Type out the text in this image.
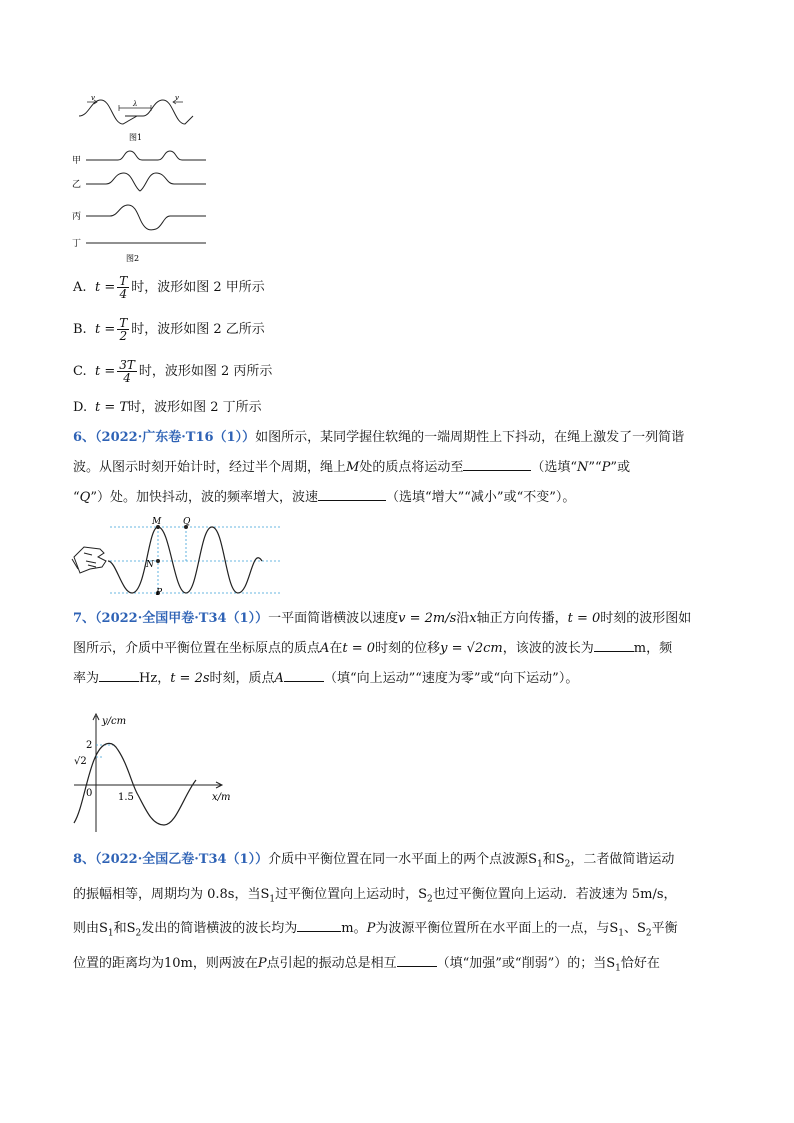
v
λ
v
图1
甲
乙
丙
丁
图2
A. $t = \frac{T}{4}$ 时，波形如图 2 甲所示
B. $t = \frac{T}{2}$ 时，波形如图 2 乙所示
C. $t = \frac{3T}{4}$ 时，波形如图 2 丙所示
D. t = T时，波形如图 2 丁所示
6、（2022·广东卷·T16（1））如图所示，某同学握住软绳的一端周期性上下抖动，在绳上激发了一列简谐
波。从图示时刻开始计时，经过半个周期，绳上M处的质点将运动至	（选填“N”“P”或
“Q”）处。加快抖动，波的频率增大，波速	（选填“增大”“减小”或“不变”）。
M Q
N
P
7、（2022·全国甲卷·T34（1））一平面简谐横波以速度v = 2m/s沿x轴正方向传播，t = 0时刻的波形图如
图所示，介质中平衡位置在坐标原点的质点A在t = 0时刻的位移y = √2cm，该波的波长为	m，频
率为	Hz，t = 2s时刻，质点A	（填“向上运动”“速度为零”或“向下运动”）。
2
√2
0	1.5
y/cm
x/m
8、（2022·全国乙卷·T34（1））介质中平衡位置在同一水平面上的两个点波源$S_1$和$S_2$，二者做简谐运动
的振幅相等，周期均为 0.8s，当$S_1$过平衡位置向上运动时，$S_2$也过平衡位置向上运动．若波速为 5m/s，
则由$S_1$和$S_2$发出的简谐横波的波长均为	m。P为波源平衡位置所在水平面上的一点，与$S_1$、$S_2$平衡
位置的距离均为10m，则两波在P点引起的振动总是相互	（填“加强”或“削弱”）的；当$S_1$恰好在
